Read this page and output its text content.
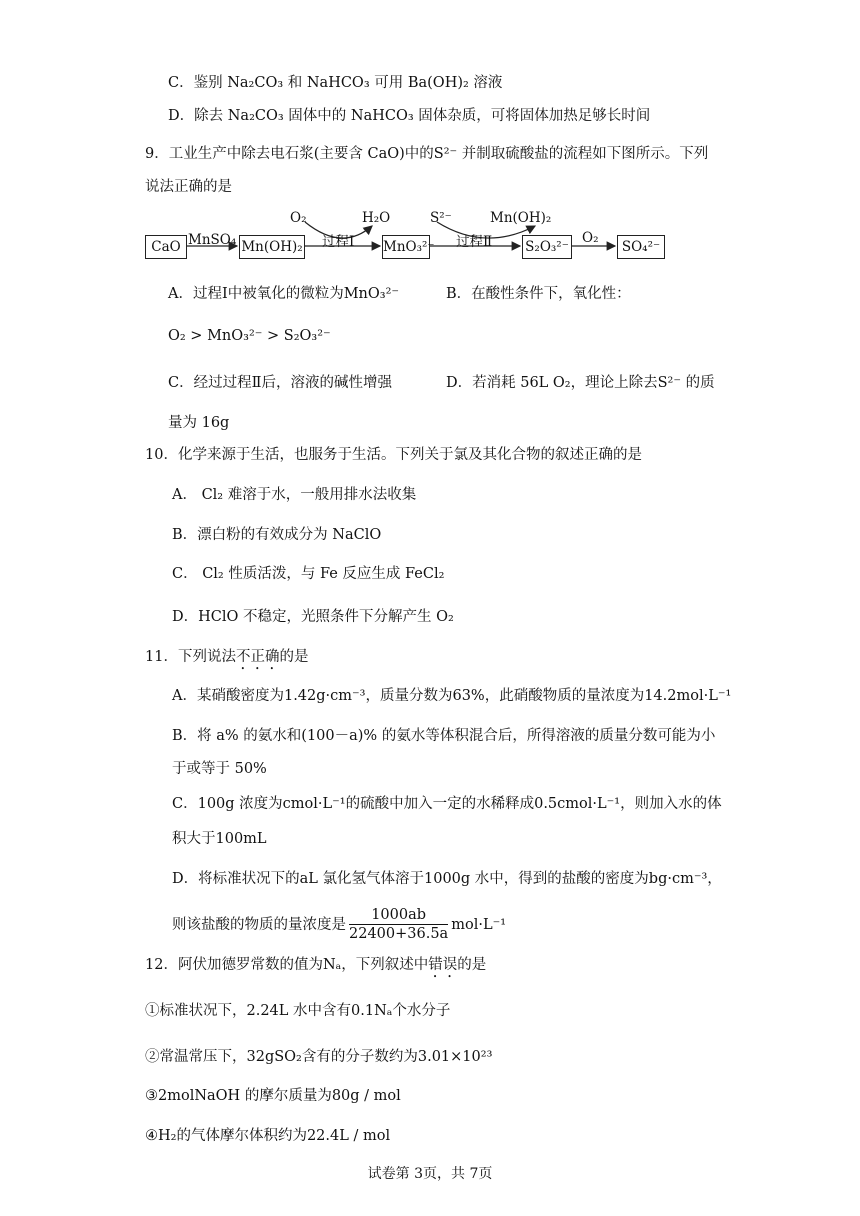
C．鉴别 Na₂CO₃ 和 NaHCO₃ 可用 Ba(OH)₂ 溶液
D．除去 Na₂CO₃ 固体中的 NaHCO₃ 固体杂质，可将固体加热足够长时间
9．工业生产中除去电石浆(主要含 CaO)中的S²⁻ 并制取硫酸盐的流程如下图所示。下列
说法正确的是
CaO MnSO₄ Mn(OH)₂
O₂	H₂O
过程Ⅰ MnO₃²⁻
S²⁻	Mn(OH)₂
过程Ⅱ S₂O₃²⁻
O₂
SO₄²⁻
A．过程Ⅰ中被氧化的微粒为MnO₃²⁻	B．在酸性条件下，氧化性：
O₂ > MnO₃²⁻ > S₂O₃²⁻
C．经过过程Ⅱ后，溶液的碱性增强	D．若消耗 56L O₂，理论上除去S²⁻ 的质
量为 16g
10．化学来源于生活，也服务于生活。下列关于氯及其化合物的叙述正确的是
A． Cl₂ 难溶于水，一般用排水法收集
B．漂白粉的有效成分为 NaClO
C． Cl₂ 性质活泼，与 Fe 反应生成 FeCl₂
D．HClO 不稳定，光照条件下分解产生 O₂
11．下列说法不正确的是
A．某硝酸密度为1.42g·cm⁻³，质量分数为63%，此硝酸物质的量浓度为14.2mol·L⁻¹
B．将 a% 的氨水和(100－a)% 的氨水等体积混合后，所得溶液的质量分数可能为小
于或等于 50%
C．100g 浓度为cmol·L⁻¹的硫酸中加入一定的水稀释成0.5cmol·L⁻¹，则加入水的体
积大于100mL
D．将标准状况下的aL 氯化氢气体溶于1000g 水中，得到的盐酸的密度为bg·cm⁻³，
则该盐酸的物质的量浓度是 $\frac{1000ab}{22400+36.5a} mol\cdot L^{-1}$
12．阿伏加德罗常数的值为Nₐ，下列叙述中错误的是
①标准状况下，2.24L 水中含有0.1Nₐ个水分子
②常温常压下，32gSO₂含有的分子数约为3.01×10²³
③2molNaOH 的摩尔质量为80g / mol
④H₂的气体摩尔体积约为22.4L / mol
试卷第 3页，共 7页
